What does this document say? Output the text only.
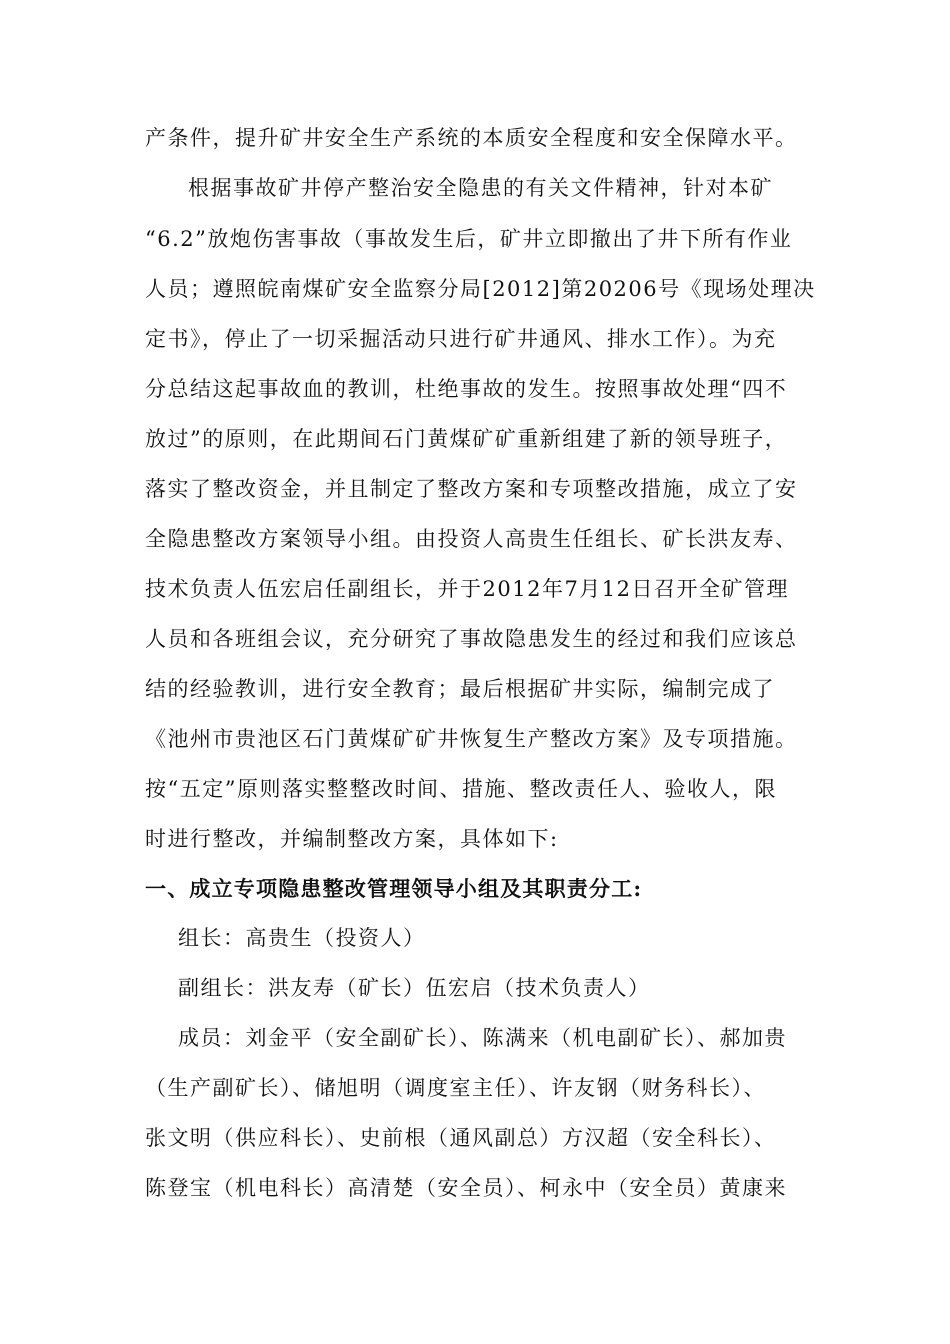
产条件，提升矿井安全生产系统的本质安全程度和安全保障水平。
根据事故矿井停产整治安全隐患的有关文件精神，针对本矿
“6.2”放炮伤害事故（事故发生后，矿井立即撤出了井下所有作业
人员；遵照皖南煤矿安全监察分局[2012]第20206号《现场处理决
定书》，停止了一切采掘活动只进行矿井通风、排水工作）。为充
分总结这起事故血的教训，杜绝事故的发生。按照事故处理“四不
放过”的原则，在此期间石门黄煤矿矿重新组建了新的领导班子，
落实了整改资金，并且制定了整改方案和专项整改措施，成立了安
全隐患整改方案领导小组。由投资人高贵生任组长、矿长洪友寿、
技术负责人伍宏启任副组长，并于2012年7月12日召开全矿管理
人员和各班组会议，充分研究了事故隐患发生的经过和我们应该总
结的经验教训，进行安全教育；最后根据矿井实际，编制完成了
《池州市贵池区石门黄煤矿矿井恢复生产整改方案》及专项措施。
按“五定”原则落实整整改时间、措施、整改责任人、验收人，限
时进行整改，并编制整改方案，具体如下:
一、成立专项隐患整改管理领导小组及其职责分工:
组长：高贵生（投资人）
副组长：洪友寿（矿长）伍宏启（技术负责人）
成员：刘金平（安全副矿长）、陈满来（机电副矿长）、郝加贵
（生产副矿长）、储旭明（调度室主任）、许友钢（财务科长）、
张文明（供应科长）、史前根（通风副总）方汉超（安全科长）、
陈登宝（机电科长）高清楚（安全员）、柯永中（安全员）黄康来
